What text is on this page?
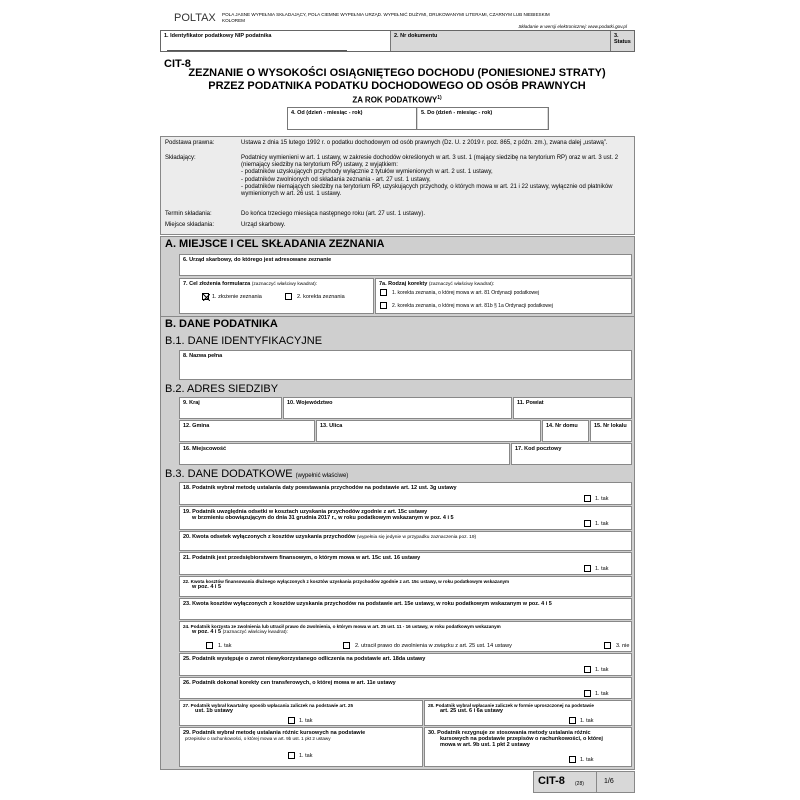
POLTAX POLA JASNE WYPEŁNIA SKŁADAJĄCY, POLA CIEMNE WYPEŁNIA URZĄD. WYPEŁNIĆ DUŻYMI, DRUKOWANYMI LITERAMI, CZARNYM LUB NIEBIESKIM
KOLOREM
Składanie w wersji elektronicznej: www.podatki.gov.pl
1. Identyfikator podatkowy NIP podatnika	2. Nr dokumentu	3. Status
CIT-8
ZEZNANIE O WYSOKOŚCI OSIĄGNIĘTEGO DOCHODU (PONIESIONEJ STRATY)
PRZEZ PODATNIKA PODATKU DOCHODOWEGO OD OSÓB PRAWNYCH
ZA ROK PODATKOWY$^{1)}$
4. Od (dzień - miesiąc - rok)	5. Do (dzień - miesiąc - rok)
Podstawa prawna:	Ustawa z dnia 15 lutego 1992 r. o podatku dochodowym od osób prawnych (Dz. U. z 2019 r. poz. 865, z późn. zm.), zwana dalej „ustawą”.
Składający:	Podatnicy wymienieni w art. 1 ustawy, w zakresie dochodów określonych w art. 3 ust. 1 (mający siedzibę na terytorium RP) oraz w art. 3 ust. 2 (niemający siedziby na terytorium RP) ustawy, z wyjątkiem:
- podatników uzyskujących przychody wyłącznie z tytułów wymienionych w art. 2 ust. 1 ustawy,
- podatników zwolnionych od składania zeznania - art. 27 ust. 1 ustawy,
- podatników niemających siedziby na terytorium RP, uzyskujących przychody, o których mowa w art. 21 i 22 ustawy, wyłącznie od płatników wymienionych w art. 26 ust. 1 ustawy.
Termin składania:	Do końca trzeciego miesiąca następnego roku (art. 27 ust. 1 ustawy).
Miejsce składania:	Urząd skarbowy.
A. MIEJSCE I CEL SKŁADANIA ZEZNANIA
6. Urząd skarbowy, do którego jest adresowane zeznanie
7. Cel złożenia formularza (zaznaczyć właściwy kwadrat):
1. złożenie zeznania	2. korekta zeznania
7a. Rodzaj korekty (zaznaczyć właściwy kwadrat):
1. korekta zeznania, o której mowa w art. 81 Ordynacji podatkowej
2. korekta zeznania, o której mowa w art. 81b § 1a Ordynacji podatkowej
B. DANE PODATNIKA
B.1. DANE IDENTYFIKACYJNE
8. Nazwa pełna
B.2. ADRES SIEDZIBY
9. Kraj	10. Województwo	11. Powiat
12. Gmina	13. Ulica	14. Nr domu	15. Nr lokalu
16. Miejscowość	17. Kod pocztowy
B.3. DANE DODATKOWE (wypełnić właściwe)
18. Podatnik wybrał metodę ustalania daty powstawania przychodów na podstawie art. 12 ust. 3g ustawy
1. tak
19. Podatnik uwzględnia odsetki w kosztach uzyskania przychodów zgodnie z art. 15c ustawy
w brzmieniu obowiązującym do dnia 31 grudnia 2017 r., w roku podatkowym wskazanym w poz. 4 i 5
1. tak
20. Kwota odsetek wyłączonych z kosztów uzyskania przychodów (wypełnia się jedynie w przypadku zaznaczenia poz. 19)
21. Podatnik jest przedsiębiorstwem finansowym, o którym mowa w art. 15c ust. 16 ustawy
1. tak
22. Kwota kosztów finansowania dłużnego wyłączonych z kosztów uzyskania przychodów zgodnie z art. 15c ustawy, w roku podatkowym wskazanym
w poz. 4 i 5
23. Kwota kosztów wyłączonych z kosztów uzyskania przychodów na podstawie art. 15e ustawy, w roku podatkowym wskazanym w poz. 4 i 5
24. Podatnik korzysta ze zwolnienia lub utracił prawo do zwolnienia, o którym mowa w art. 25 ust. 11 - 16 ustawy, w roku podatkowym wskazanym
w poz. 4 i 5 (zaznaczyć właściwy kwadrat):
1. tak	2. utracił prawo do zwolnienia w związku z art. 25 ust. 14 ustawy	3. nie
25. Podatnik występuje o zwrot niewykorzystanego odliczenia na podstawie art. 18da ustawy
1. tak
26. Podatnik dokonał korekty cen transferowych, o której mowa w art. 11e ustawy
1. tak
27. Podatnik wybrał kwartalny sposób wpłacania zaliczek na podstawie art. 25
ust. 1b ustawy
1. tak
28. Podatnik wybrał wpłacanie zaliczek w formie uproszczonej na podstawie
art. 25 ust. 6 i 6a ustawy
1. tak
29. Podatnik wybrał metodę ustalania różnic kursowych na podstawie
przepisów o rachunkowości, o której mowa w art. 9b ust. 1 pkt 2 ustawy
1. tak
30. Podatnik rezygnuje ze stosowania metody ustalania różnic
kursowych na podstawie przepisów o rachunkowości, o której
mowa w art. 9b ust. 1 pkt 2 ustawy
1. tak
CIT-8 (28)	1/6
